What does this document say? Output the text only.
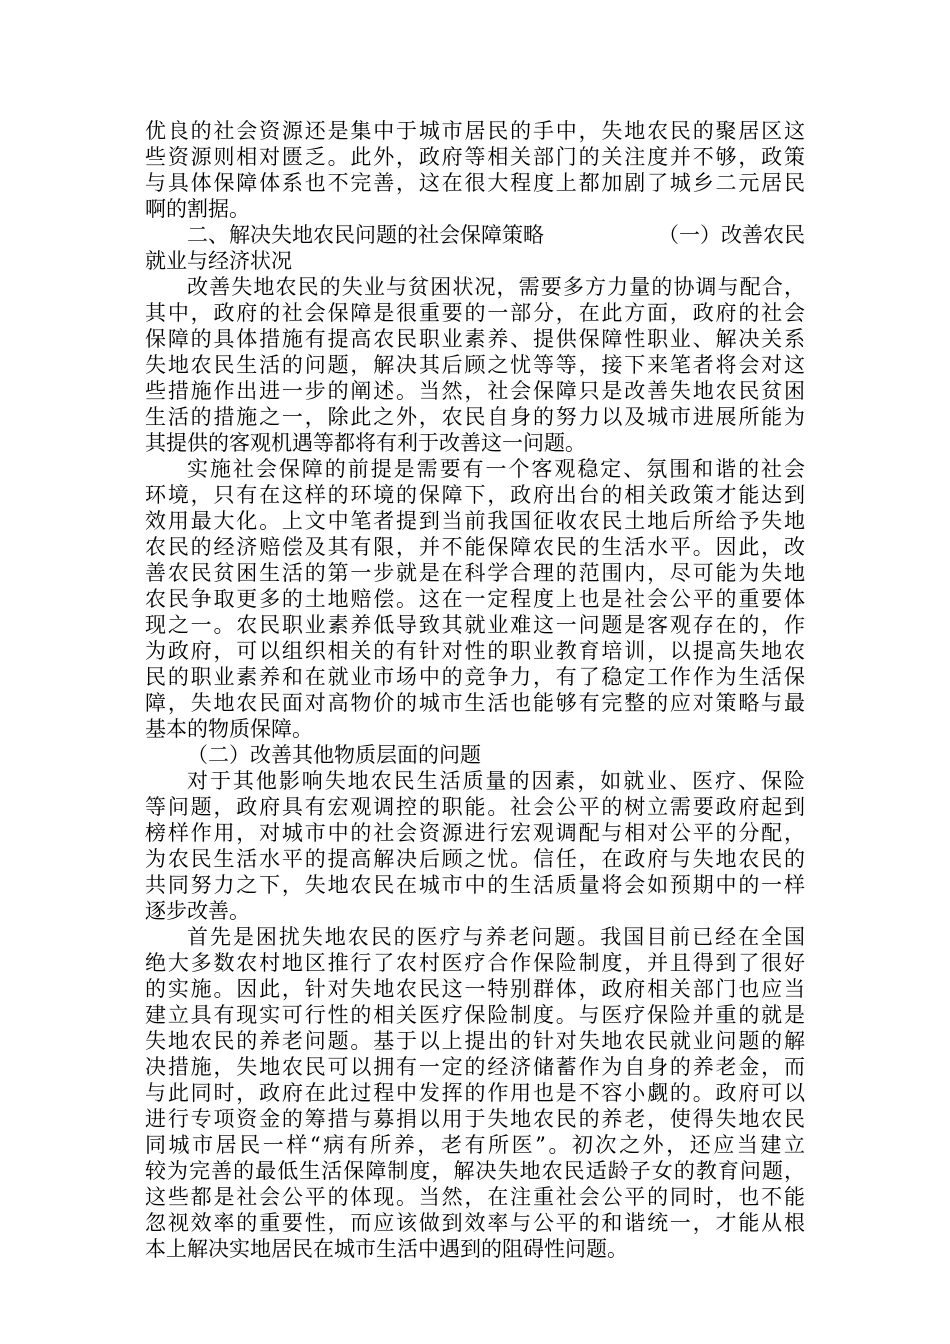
优良的社会资源还是集中于城市居民的手中，失地农民的聚居区这
些资源则相对匮乏。此外，政府等相关部门的关注度并不够，政策
与具体保障体系也不完善，这在很大程度上都加剧了城乡二元居民
啊的割据。
二、解决失地农民问题的社会保障策略	（一）改善农民
就业与经济状况
改善失地农民的失业与贫困状况，需要多方力量的协调与配合，
其中，政府的社会保障是很重要的一部分，在此方面，政府的社会
保障的具体措施有提高农民职业素养、提供保障性职业、解决关系
失地农民生活的问题，解决其后顾之忧等等，接下来笔者将会对这
些措施作出进一步的阐述。当然，社会保障只是改善失地农民贫困
生活的措施之一，除此之外，农民自身的努力以及城市进展所能为
其提供的客观机遇等都将有利于改善这一问题。
实施社会保障的前提是需要有一个客观稳定、氛围和谐的社会
环境，只有在这样的环境的保障下，政府出台的相关政策才能达到
效用最大化。上文中笔者提到当前我国征收农民土地后所给予失地
农民的经济赔偿及其有限，并不能保障农民的生活水平。因此，改
善农民贫困生活的第一步就是在科学合理的范围内，尽可能为失地
农民争取更多的土地赔偿。这在一定程度上也是社会公平的重要体
现之一。农民职业素养低导致其就业难这一问题是客观存在的，作
为政府，可以组织相关的有针对性的职业教育培训，以提高失地农
民的职业素养和在就业市场中的竞争力，有了稳定工作作为生活保
障，失地农民面对高物价的城市生活也能够有完整的应对策略与最
基本的物质保障。
（二）改善其他物质层面的问题
对于其他影响失地农民生活质量的因素，如就业、医疗、保险
等问题，政府具有宏观调控的职能。社会公平的树立需要政府起到
榜样作用，对城市中的社会资源进行宏观调配与相对公平的分配，
为农民生活水平的提高解决后顾之忧。信任，在政府与失地农民的
共同努力之下，失地农民在城市中的生活质量将会如预期中的一样
逐步改善。
首先是困扰失地农民的医疗与养老问题。我国目前已经在全国
绝大多数农村地区推行了农村医疗合作保险制度，并且得到了很好
的实施。因此，针对失地农民这一特别群体，政府相关部门也应当
建立具有现实可行性的相关医疗保险制度。与医疗保险并重的就是
失地农民的养老问题。基于以上提出的针对失地农民就业问题的解
决措施，失地农民可以拥有一定的经济储蓄作为自身的养老金，而
与此同时，政府在此过程中发挥的作用也是不容小觑的。政府可以
进行专项资金的筹措与募捐以用于失地农民的养老，使得失地农民
同城市居民一样“病有所养，老有所医”。初次之外，还应当建立
较为完善的最低生活保障制度，解决失地农民适龄子女的教育问题，
这些都是社会公平的体现。当然，在注重社会公平的同时，也不能
忽视效率的重要性，而应该做到效率与公平的和谐统一，才能从根
本上解决实地居民在城市生活中遇到的阻碍性问题。
